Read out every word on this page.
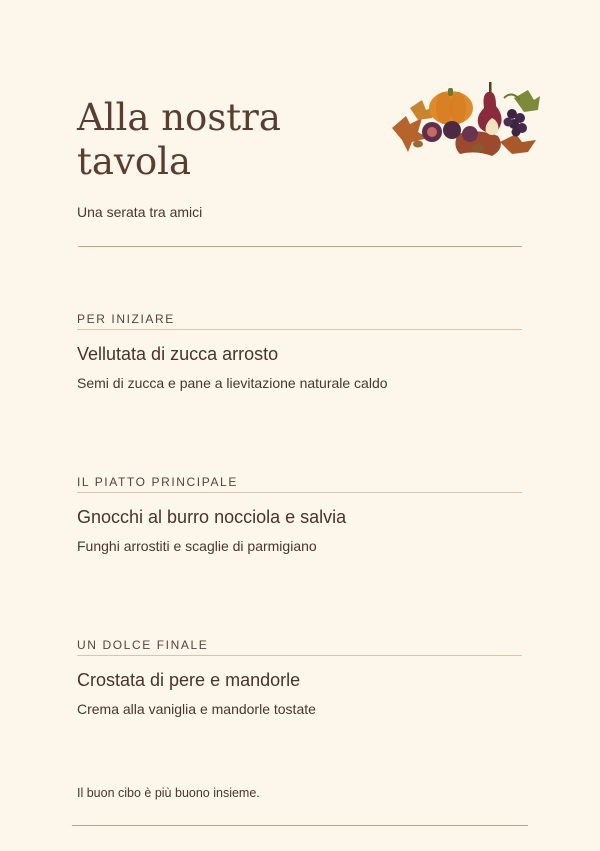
Alla nostra tavola
Una serata tra amici
PER INIZIARE
Vellutata di zucca arrosto
Semi di zucca e pane a lievitazione naturale caldo
IL PIATTO PRINCIPALE
Gnocchi al burro nocciola e salvia
Funghi arrostiti e scaglie di parmigiano
UN DOLCE FINALE
Crostata di pere e mandorle
Crema alla vaniglia e mandorle tostate
Il buon cibo è più buono insieme.
